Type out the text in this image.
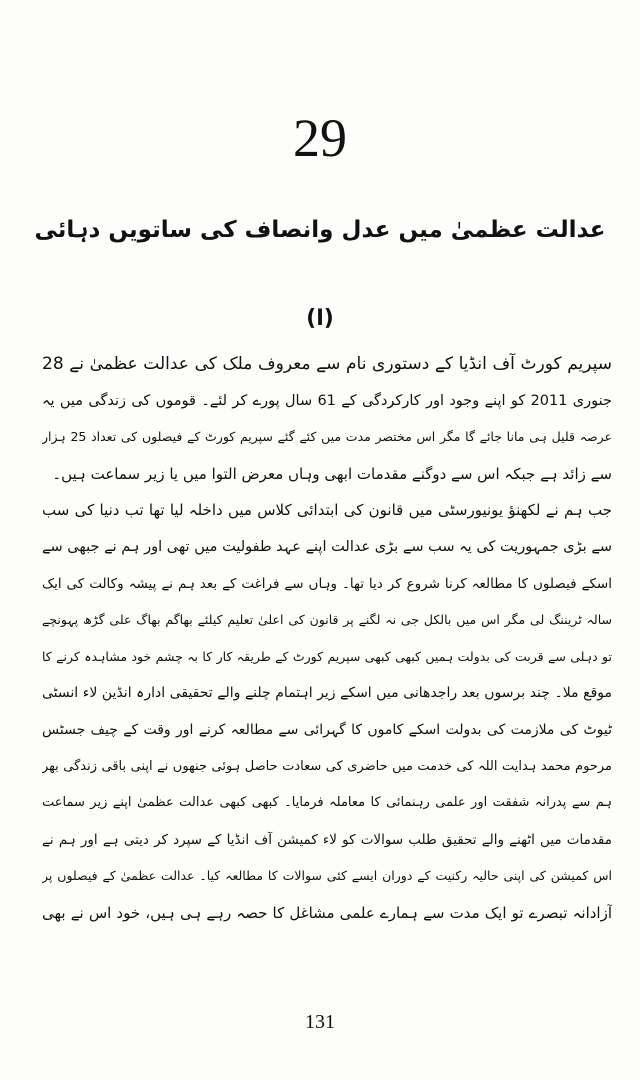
29
عدالت عظمیٰ میں عدل وانصاف کی ساتویں دہائی
(ا)
سپریم کورٹ آف انڈیا کے دستوری نام سے معروف ملک کی عدالت عظمیٰ نے 28
جنوری 2011 کو اپنے وجود اور کارکردگی کے 61 سال پورے کر لئے۔ قوموں کی زندگی میں یہ
عرصہ قلیل ہی مانا جائے گا مگر اس مختصر مدت میں کئے گئے سپریم کورٹ کے فیصلوں کی تعداد 25 ہزار
سے زائد ہے جبکہ اس سے دوگنے مقدمات ابھی وہاں معرض التوا میں یا زیر سماعت ہیں۔
جب ہم نے لکھنؤ یونیورسٹی میں قانون کی ابتدائی کلاس میں داخلہ لیا تھا تب دنیا کی سب
سے بڑی جمہوریت کی یہ سب سے بڑی عدالت اپنے عہد طفولیت میں تھی اور ہم نے جبھی سے
اسکے فیصلوں کا مطالعہ کرنا شروع کر دیا تھا۔ وہاں سے فراغت کے بعد ہم نے پیشہ وکالت کی ایک
سالہ ٹریننگ لی مگر اس میں بالکل جی نہ لگنے پر قانون کی اعلیٰ تعلیم کیلئے بھاگم بھاگ علی گڑھ پہونچے
تو دہلی سے قربت کی بدولت ہمیں کبھی کبھی سپریم کورٹ کے طریقہ کار کا بہ چشم خود مشاہدہ کرنے کا
موقع ملا۔ چند برسوں بعد راجدھانی میں اسکے زیر اہتمام چلنے والے تحقیقی ادارہ انڈین لاء انسٹی
ٹیوٹ کی ملازمت کی بدولت اسکے کاموں کا گہرائی سے مطالعہ کرنے اور وقت کے چیف جسٹس
مرحوم محمد ہدایت اللہ کی خدمت میں حاضری کی سعادت حاصل ہوئی جنھوں نے اپنی باقی زندگی بھر
ہم سے پدرانہ شفقت اور علمی رہنمائی کا معاملہ فرمایا۔ کبھی کبھی عدالت عظمیٰ اپنے زیر سماعت
مقدمات میں اٹھنے والے تحقیق طلب سوالات کو لاء کمیشن آف انڈیا کے سپرد کر دیتی ہے اور ہم نے
اس کمیشن کی اپنی حالیہ رکنیت کے دوران ایسے کئی سوالات کا مطالعہ کیا۔ عدالت عظمیٰ کے فیصلوں پر
آزادانہ تبصرے تو ایک مدت سے ہمارے علمی مشاغل کا حصہ رہے ہی ہیں، خود اس نے بھی
131
